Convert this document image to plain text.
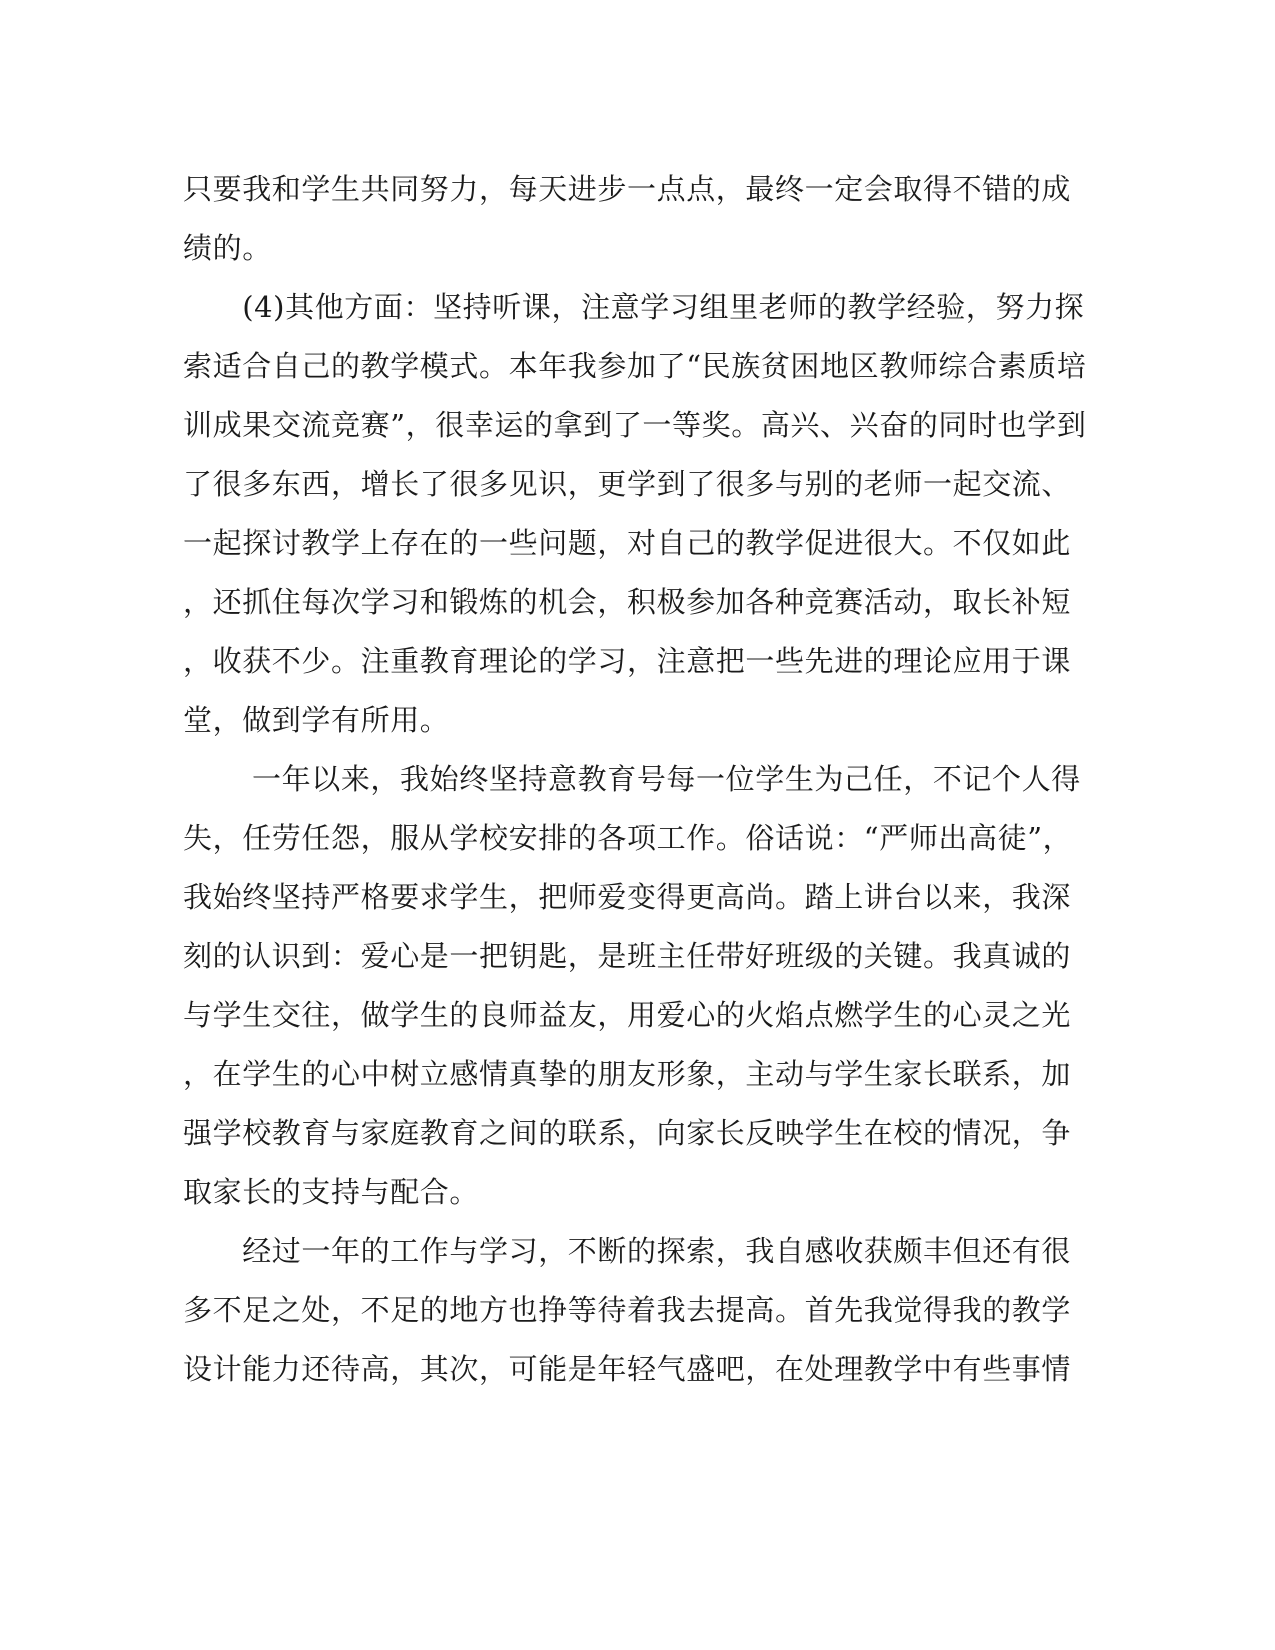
只要我和学生共同努力，每天进步一点点，最终一定会取得不错的成
绩的。
　　(4)其他方面：坚持听课，注意学习组里老师的教学经验，努力探
索适合自己的教学模式。本年我参加了“民族贫困地区教师综合素质培
训成果交流竞赛”，很幸运的拿到了一等奖。高兴、兴奋的同时也学到
了很多东西，增长了很多见识，更学到了很多与别的老师一起交流、
一起探讨教学上存在的一些问题，对自己的教学促进很大。不仅如此
，还抓住每次学习和锻炼的机会，积极参加各种竞赛活动，取长补短
，收获不少。注重教育理论的学习，注意把一些先进的理论应用于课
堂，做到学有所用。
　　 一年以来，我始终坚持意教育号每一位学生为己任，不记个人得
失，任劳任怨，服从学校安排的各项工作。俗话说：“严师出高徒”，
我始终坚持严格要求学生，把师爱变得更高尚。踏上讲台以来，我深
刻的认识到：爱心是一把钥匙，是班主任带好班级的关键。我真诚的
与学生交往，做学生的良师益友，用爱心的火焰点燃学生的心灵之光
，在学生的心中树立感情真挚的朋友形象，主动与学生家长联系，加
强学校教育与家庭教育之间的联系，向家长反映学生在校的情况，争
取家长的支持与配合。
　　经过一年的工作与学习，不断的探索，我自感收获颇丰但还有很
多不足之处，不足的地方也挣等待着我去提高。首先我觉得我的教学
设计能力还待高，其次，可能是年轻气盛吧，在处理教学中有些事情
